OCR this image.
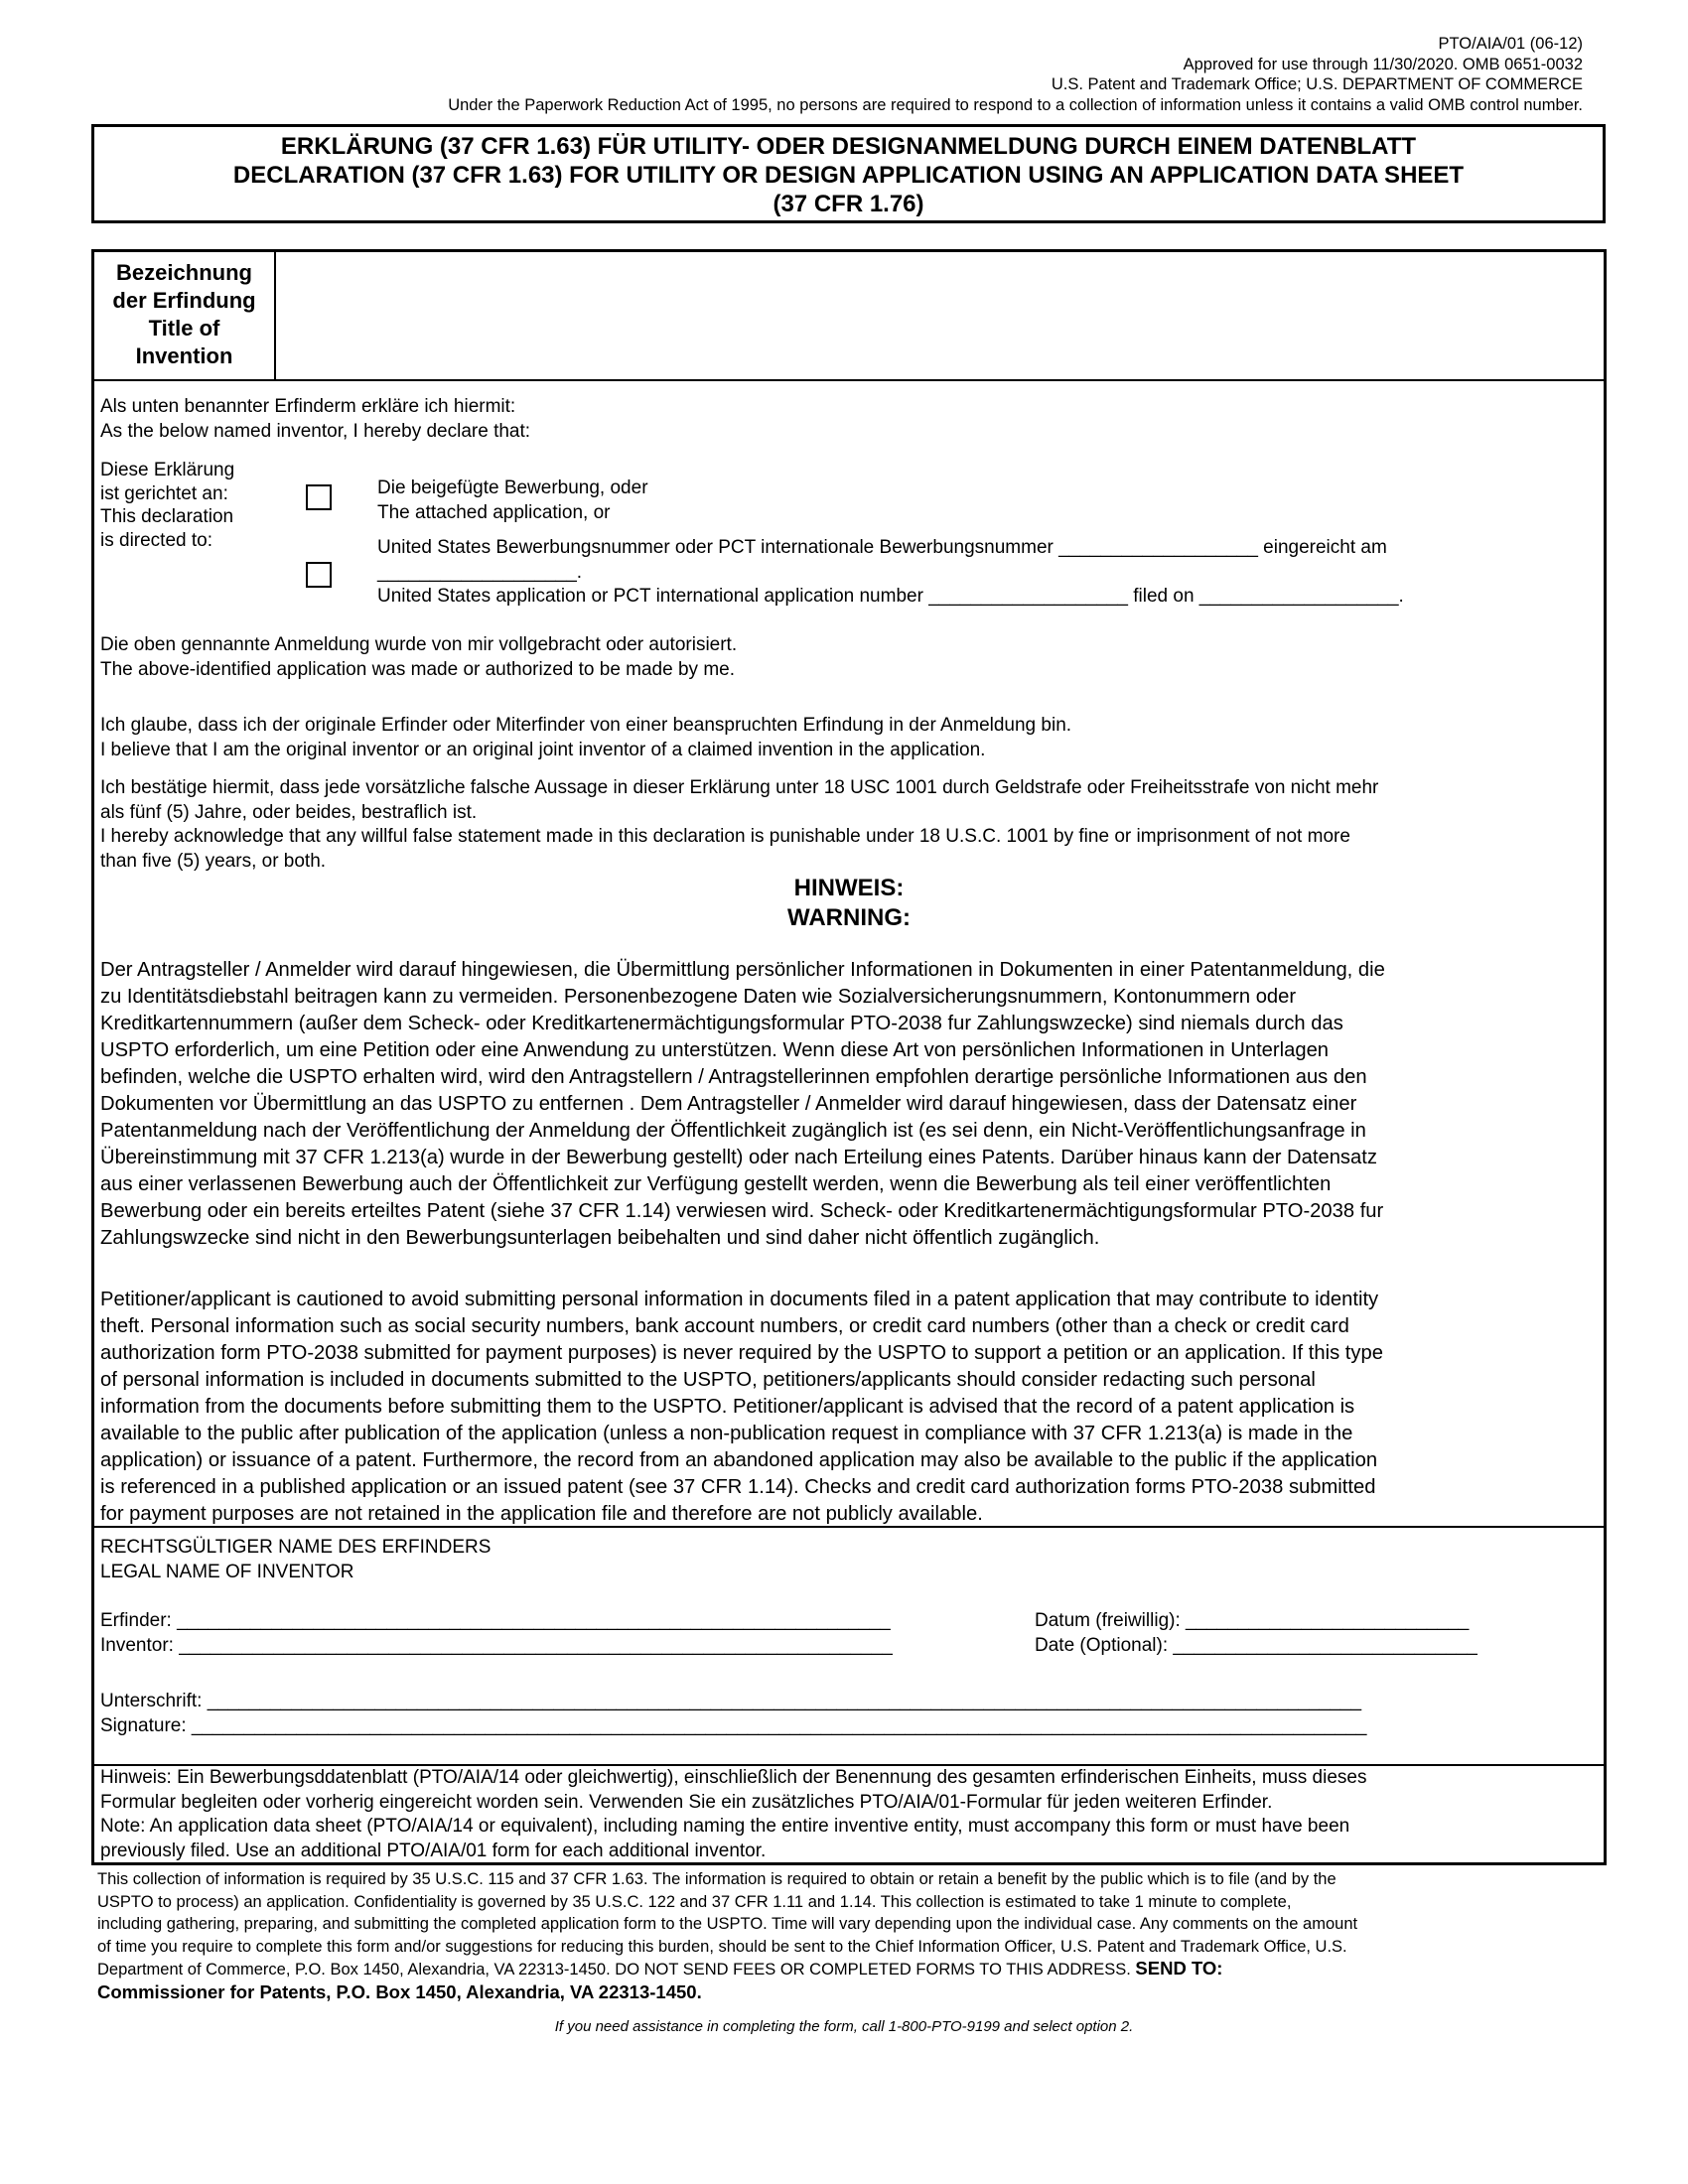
PTO/AIA/01 (06-12)
Approved for use through 11/30/2020. OMB 0651-0032
U.S. Patent and Trademark Office; U.S. DEPARTMENT OF COMMERCE
Under the Paperwork Reduction Act of 1995, no persons are required to respond to a collection of information unless it contains a valid OMB control number.
ERKLÄRUNG (37 CFR 1.63) FÜR UTILITY- ODER DESIGNANMELDUNG DURCH EINEM DATENBLATT
DECLARATION (37 CFR 1.63) FOR UTILITY OR DESIGN APPLICATION USING AN APPLICATION DATA SHEET
(37 CFR 1.76)
Bezeichnung
der Erfindung
Title of
Invention
Als unten benannter Erfinderm erkläre ich hiermit:
As the below named inventor, I hereby declare that:
Diese Erklärung
ist gerichtet an:
This declaration
is directed to:
Die beigefügte Bewerbung, oder
The attached application, or
United States Bewerbungsnummer oder PCT internationale Bewerbungsnummer ___________________ eingereicht am
___________________.
United States application or PCT international application number ___________________ filed on ___________________.
Die oben gennannte Anmeldung wurde von mir vollgebracht oder autorisiert.
The above-identified application was made or authorized to be made by me.
Ich glaube, dass ich der originale Erfinder oder Miterfinder von einer beanspruchten Erfindung in der Anmeldung bin.
I believe that I am the original inventor or an original joint inventor of a claimed invention in the application.
Ich bestätige hiermit, dass jede vorsätzliche falsche Aussage in dieser Erklärung unter 18 USC 1001 durch Geldstrafe oder Freiheitsstrafe von nicht mehr
als fünf (5) Jahre, oder beides, bestraflich ist.
I hereby acknowledge that any willful false statement made in this declaration is punishable under 18 U.S.C. 1001 by fine or imprisonment of not more
than five (5) years, or both.
HINWEIS:
WARNING:
Der Antragsteller / Anmelder wird darauf hingewiesen, die Übermittlung persönlicher Informationen in Dokumenten in einer Patentanmeldung, die
zu Identitätsdiebstahl beitragen kann zu vermeiden. Personenbezogene Daten wie Sozialversicherungsnummern, Kontonummern oder
Kreditkartennummern (außer dem Scheck- oder Kreditkartenermächtigungsformular PTO-2038 fur Zahlungswzecke) sind niemals durch das
USPTO erforderlich, um eine Petition oder eine Anwendung zu unterstützen. Wenn diese Art von persönlichen Informationen in Unterlagen
befinden, welche die USPTO erhalten wird, wird den Antragstellern / Antragstellerinnen empfohlen derartige persönliche Informationen aus den
Dokumenten vor Übermittlung an das USPTO zu entfernen . Dem Antragsteller / Anmelder wird darauf hingewiesen, dass der Datensatz einer
Patentanmeldung nach der Veröffentlichung der Anmeldung der Öffentlichkeit zugänglich ist (es sei denn, ein Nicht-Veröffentlichungsanfrage in
Übereinstimmung mit 37 CFR 1.213(a) wurde in der Bewerbung gestellt) oder nach Erteilung eines Patents. Darüber hinaus kann der Datensatz
aus einer verlassenen Bewerbung auch der Öffentlichkeit zur Verfügung gestellt werden, wenn die Bewerbung als teil einer veröffentlichten
Bewerbung oder ein bereits erteiltes Patent (siehe 37 CFR 1.14) verwiesen wird. Scheck- oder Kreditkartenermächtigungsformular PTO-2038 fur
Zahlungswzecke sind nicht in den Bewerbungsunterlagen beibehalten und sind daher nicht öffentlich zugänglich.
Petitioner/applicant is cautioned to avoid submitting personal information in documents filed in a patent application that may contribute to identity
theft. Personal information such as social security numbers, bank account numbers, or credit card numbers (other than a check or credit card
authorization form PTO-2038 submitted for payment purposes) is never required by the USPTO to support a petition or an application. If this type
of personal information is included in documents submitted to the USPTO, petitioners/applicants should consider redacting such personal
information from the documents before submitting them to the USPTO. Petitioner/applicant is advised that the record of a patent application is
available to the public after publication of the application (unless a non-publication request in compliance with 37 CFR 1.213(a) is made in the
application) or issuance of a patent. Furthermore, the record from an abandoned application may also be available to the public if the application
is referenced in a published application or an issued patent (see 37 CFR 1.14). Checks and credit card authorization forms PTO-2038 submitted
for payment purposes are not retained in the application file and therefore are not publicly available.
RECHTSGÜLTIGER NAME DES ERFINDERS
LEGAL NAME OF INVENTOR
Erfinder: ____________________________________________________________________
Inventor: ____________________________________________________________________
Datum (freiwillig): ___________________________
Date (Optional): _____________________________
Unterschrift: ______________________________________________________________________________________________________________
Signature: ________________________________________________________________________________________________________________
Hinweis: Ein Bewerbungsddatenblatt (PTO/AIA/14 oder gleichwertig), einschließlich der Benennung des gesamten erfinderischen Einheits, muss dieses
Formular begleiten oder vorherig eingereicht worden sein. Verwenden Sie ein zusätzliches PTO/AIA/01-Formular für jeden weiteren Erfinder.
Note: An application data sheet (PTO/AIA/14 or equivalent), including naming the entire inventive entity, must accompany this form or must have been
previously filed. Use an additional PTO/AIA/01 form for each additional inventor.
This collection of information is required by 35 U.S.C. 115 and 37 CFR 1.63. The information is required to obtain or retain a benefit by the public which is to file (and by the
USPTO to process) an application. Confidentiality is governed by 35 U.S.C. 122 and 37 CFR 1.11 and 1.14. This collection is estimated to take 1 minute to complete,
including gathering, preparing, and submitting the completed application form to the USPTO. Time will vary depending upon the individual case. Any comments on the amount
of time you require to complete this form and/or suggestions for reducing this burden, should be sent to the Chief Information Officer, U.S. Patent and Trademark Office, U.S.
Department of Commerce, P.O. Box 1450, Alexandria, VA 22313-1450. DO NOT SEND FEES OR COMPLETED FORMS TO THIS ADDRESS. SEND TO:
Commissioner for Patents, P.O. Box 1450, Alexandria, VA 22313-1450.
If you need assistance in completing the form, call 1-800-PTO-9199 and select option 2.
